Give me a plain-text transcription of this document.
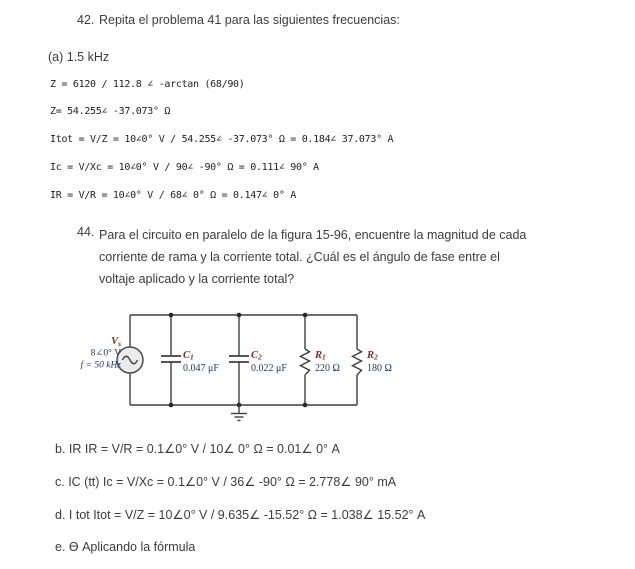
42. Repita el problema 41 para las siguientes frecuencias:
(a) 1.5 kHz
Z = 6120 / 112.8 ∠ -arctan (68/90)
Z= 54.255∠ -37.073° Ω
Itot = V/Z = 10∠0° V / 54.255∠ -37.073° Ω = 0.184∠ 37.073° A
Ic = V/Xc = 10∠0° V / 90∠ -90° Ω = 0.111∠ 90° A
IR = V/R = 10∠0° V / 68∠ 0° Ω = 0.147∠ 0° A
44. Para el circuito en paralelo de la figura 15-96, encuentre la magnitud de cada
corriente de rama y la corriente total. ¿Cuál es el ángulo de fase entre el
voltaje aplicado y la corriente total?
Vs
8∠0° V
f = 50 kHz
C1
0.047 μF
C2
0.022 μF
R1
220 Ω
R2
180 Ω
b. IR IR = V/R = 0.1∠0° V / 10∠ 0° Ω = 0.01∠ 0° A
c. IC (tt) Ic = V/Xc = 0.1∠0° V / 36∠ -90° Ω = 2.778∠ 90° mA
d. I tot Itot = V/Z = 10∠0° V / 9.635∠ -15.52° Ω = 1.038∠ 15.52° A
e. Ө Aplicando la fórmula
